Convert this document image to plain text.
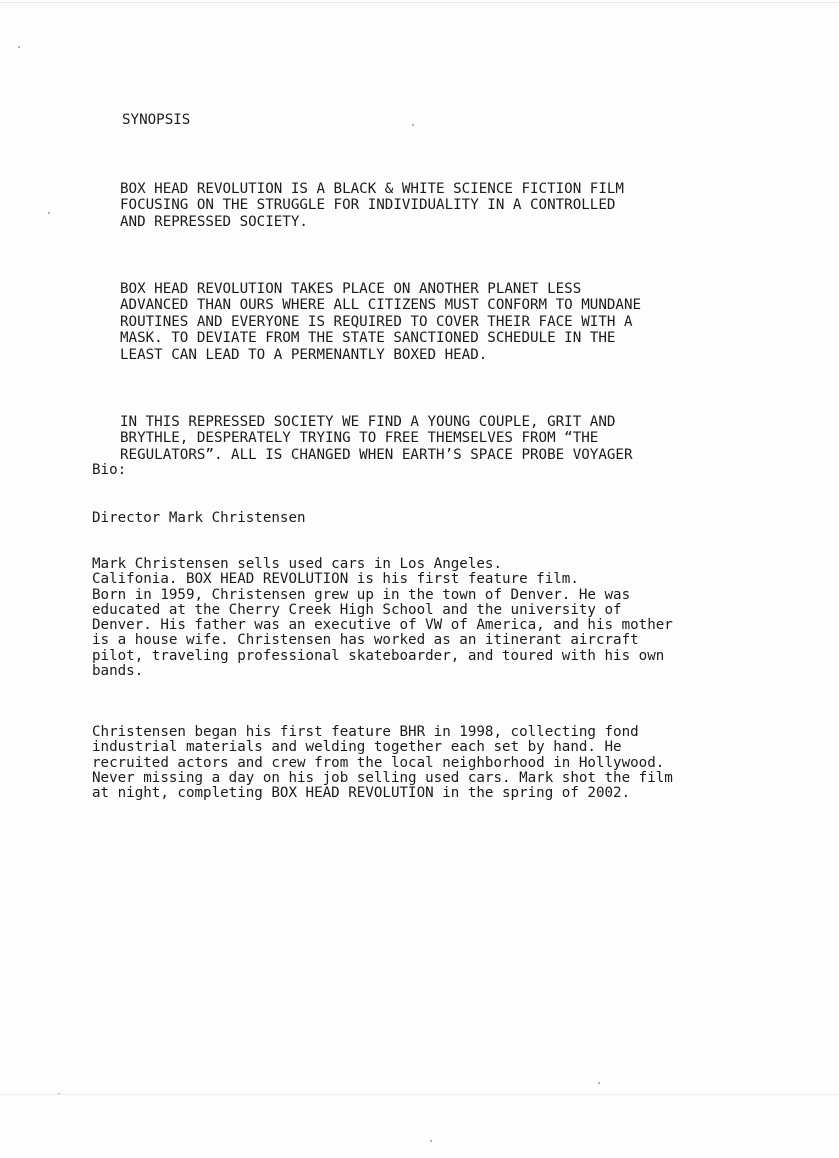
SYNOPSIS

BOX HEAD REVOLUTION IS A BLACK & WHITE SCIENCE FICTION FILM
FOCUSING ON THE STRUGGLE FOR INDIVIDUALITY IN A CONTROLLED
AND REPRESSED SOCIETY.

BOX HEAD REVOLUTION TAKES PLACE ON ANOTHER PLANET LESS
ADVANCED THAN OURS WHERE ALL CITIZENS MUST CONFORM TO MUNDANE
ROUTINES AND EVERYONE IS REQUIRED TO COVER THEIR FACE WITH A
MASK. TO DEVIATE FROM THE STATE SANCTIONED SCHEDULE IN THE
LEAST CAN LEAD TO A PERMENANTLY BOXED HEAD.

IN THIS REPRESSED SOCIETY WE FIND A YOUNG COUPLE, GRIT AND
BRYTHLE, DESPERATELY TRYING TO FREE THEMSELVES FROM “THE
REGULATORS”. ALL IS CHANGED WHEN EARTH’S SPACE PROBE VOYAGER

Bio:

Director Mark Christensen

Mark Christensen sells used cars in Los Angeles.
Califonia. BOX HEAD REVOLUTION is his first feature film.
Born in 1959, Christensen grew up in the town of Denver. He was
educated at the Cherry Creek High School and the university of
Denver. His father was an executive of VW of America, and his mother
is a house wife. Christensen has worked as an itinerant aircraft
pilot, traveling professional skateboarder, and toured with his own
bands.

Christensen began his first feature BHR in 1998, collecting fond
industrial materials and welding together each set by hand. He
recruited actors and crew from the local neighborhood in Hollywood.
Never missing a day on his job selling used cars. Mark shot the film
at night, completing BOX HEAD REVOLUTION in the spring of 2002.
